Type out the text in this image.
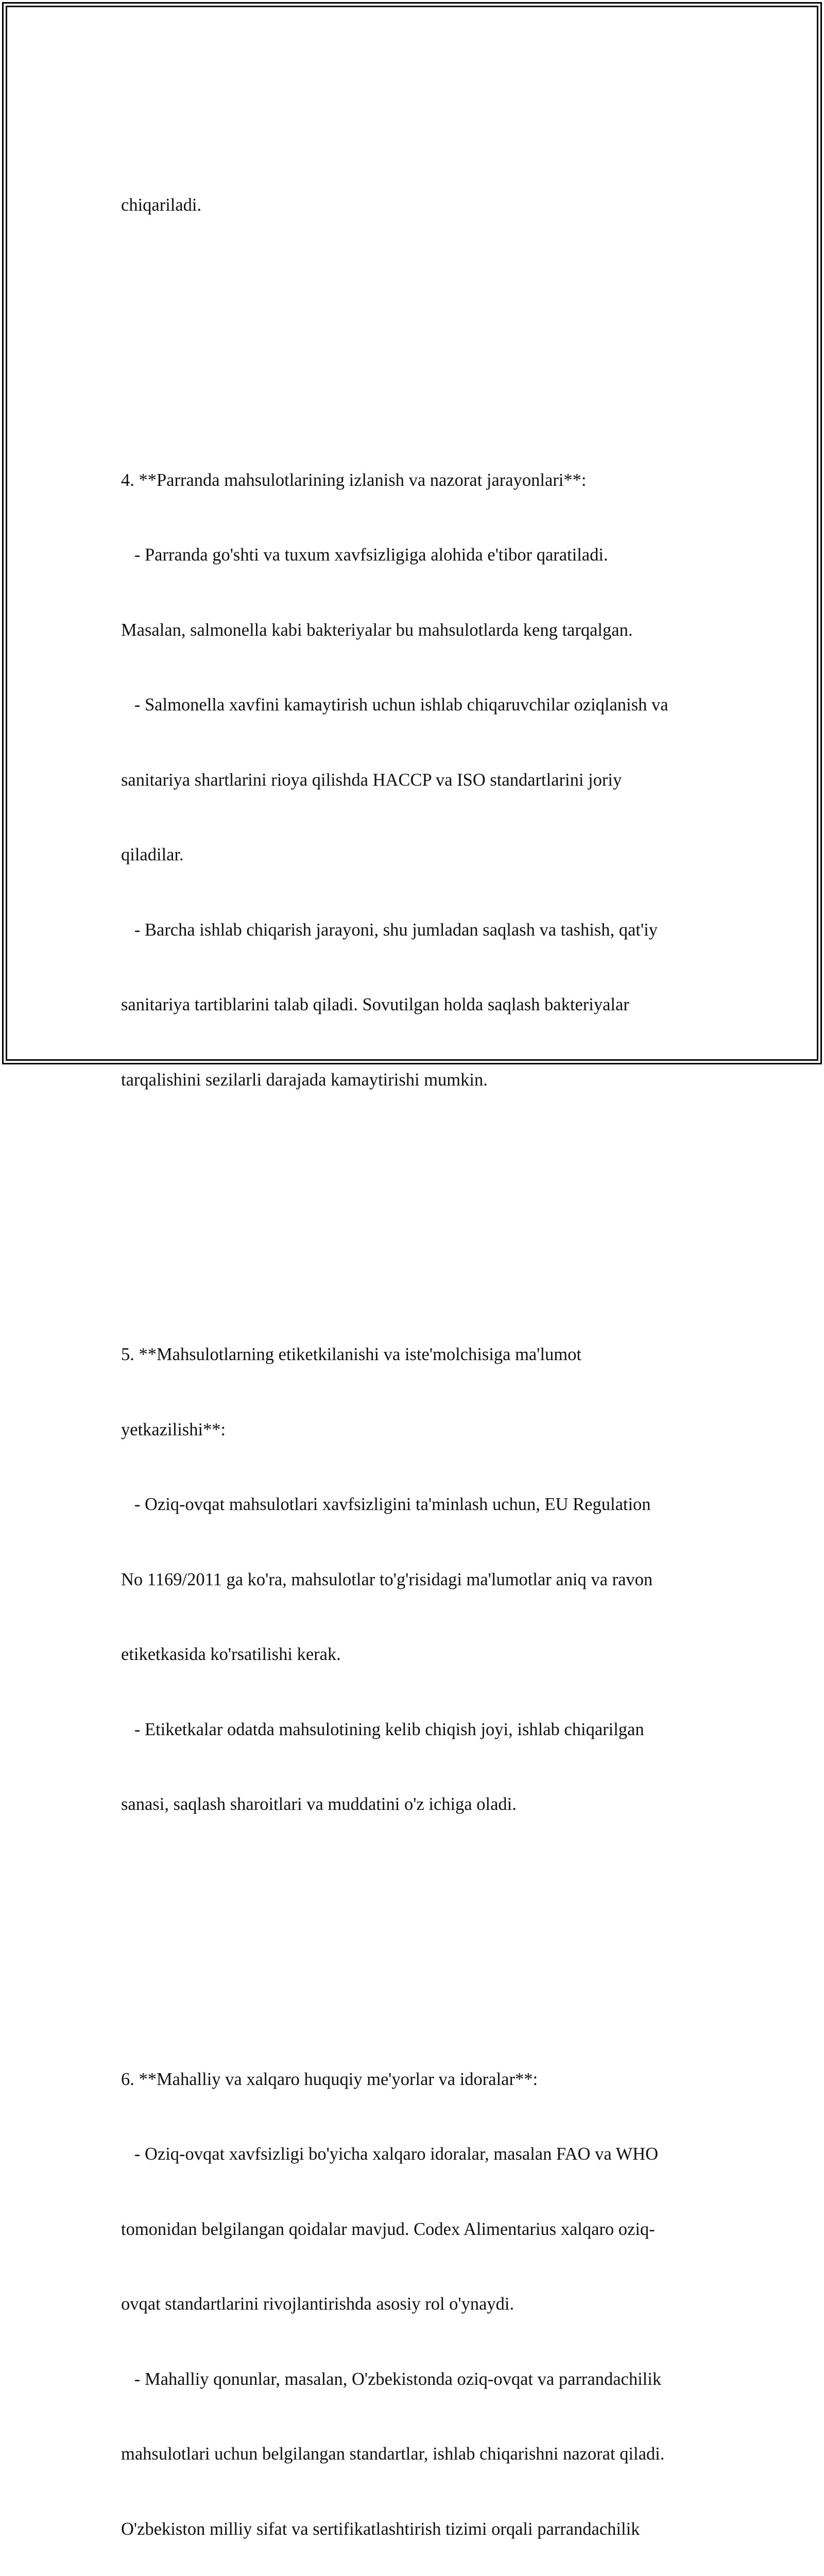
chiqariladi.

4. **Parranda mahsulotlarining izlanish va nazorat jarayonlari**:

- Parranda go'shti va tuxum xavfsizligiga alohida e'tibor qaratiladi.

Masalan, salmonella kabi bakteriyalar bu mahsulotlarda keng tarqalgan.

- Salmonella xavfini kamaytirish uchun ishlab chiqaruvchilar oziqlanish va

sanitariya shartlarini rioya qilishda HACCP va ISO standartlarini joriy

qiladilar.

- Barcha ishlab chiqarish jarayoni, shu jumladan saqlash va tashish, qat'iy

sanitariya tartiblarini talab qiladi. Sovutilgan holda saqlash bakteriyalar

tarqalishini sezilarli darajada kamaytirishi mumkin.

5. **Mahsulotlarning etiketkilanishi va iste'molchisiga ma'lumot

yetkazilishi**:

- Oziq-ovqat mahsulotlari xavfsizligini ta'minlash uchun, EU Regulation

No 1169/2011 ga ko'ra, mahsulotlar to'g'risidagi ma'lumotlar aniq va ravon

etiketkasida ko'rsatilishi kerak.

- Etiketkalar odatda mahsulotining kelib chiqish joyi, ishlab chiqarilgan

sanasi, saqlash sharoitlari va muddatini o'z ichiga oladi.

6. **Mahalliy va xalqaro huquqiy me'yorlar va idoralar**:

- Oziq-ovqat xavfsizligi bo'yicha xalqaro idoralar, masalan FAO va WHO

tomonidan belgilangan qoidalar mavjud. Codex Alimentarius xalqaro oziq-

ovqat standartlarini rivojlantirishda asosiy rol o'ynaydi.

- Mahalliy qonunlar, masalan, O'zbekistonda oziq-ovqat va parrandachilik

mahsulotlari uchun belgilangan standartlar, ishlab chiqarishni nazorat qiladi.

O'zbekiston milliy sifat va sertifikatlashtirish tizimi orqali parrandachilik
